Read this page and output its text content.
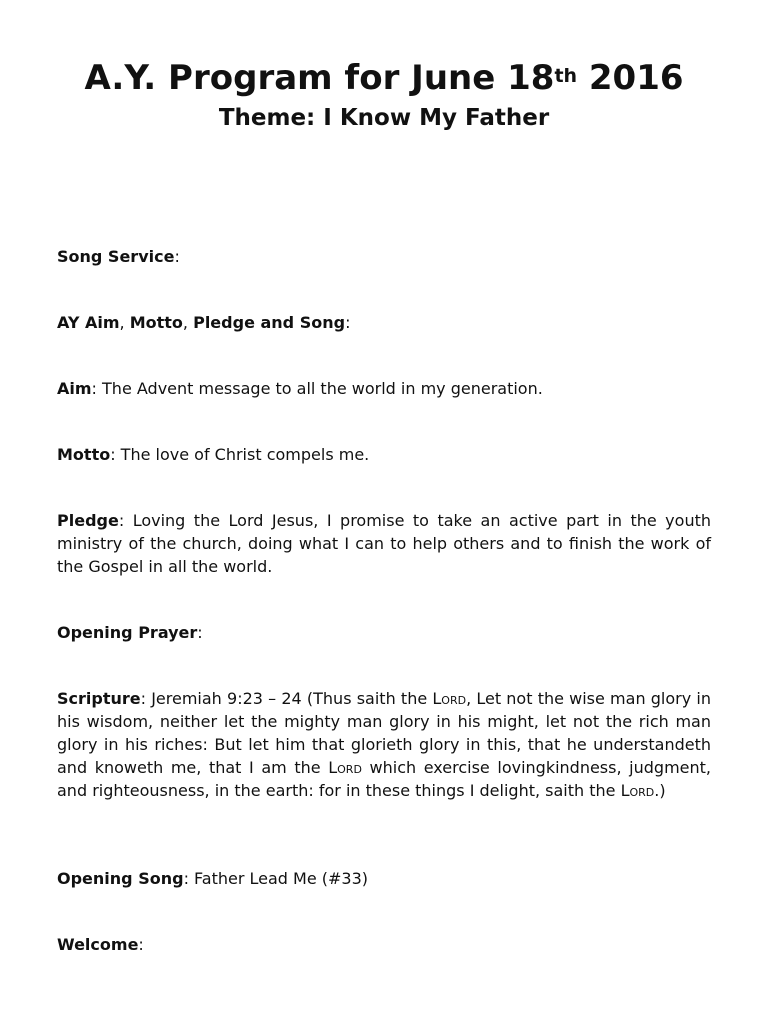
A.Y. Program for June 18th 2016
Theme: I Know My Father

Song Service:

AY Aim, Motto, Pledge and Song:

Aim: The Advent message to all the world in my generation.

Motto: The love of Christ compels me.

Pledge: Loving the Lord Jesus, I promise to take an active part in the youth ministry of the church, doing what I can to help others and to finish the work of the Gospel in all the world.

Opening Prayer:

Scripture: Jeremiah 9:23 – 24 (Thus saith the Lord, Let not the wise man glory in his wisdom, neither let the mighty man glory in his might, let not the rich man glory in his riches: But let him that glorieth glory in this, that he understandeth and knoweth me, that I am the Lord which exercise lovingkindness, judgment, and righteousness, in the earth: for in these things I delight, saith the Lord.)

Opening Song: Father Lead Me (#33)

Welcome:
